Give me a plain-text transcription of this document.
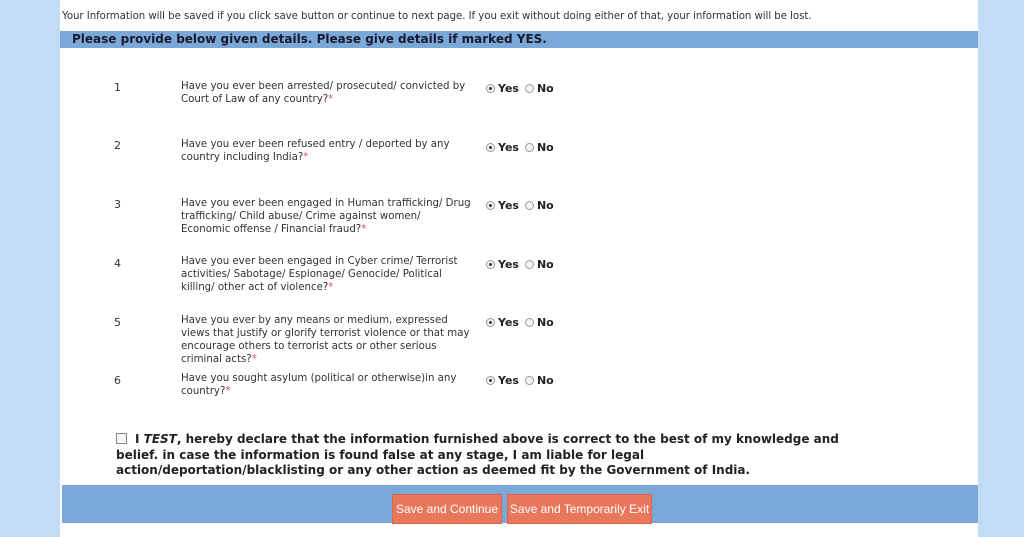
Your Information will be saved if you click save button or continue to next page. If you exit without doing either of that, your information will be lost.
Please provide below given details. Please give details if marked YES.
1	Have you ever been arrested/ prosecuted/ convicted by Court of Law of any country?*
Yes No
2	Have you ever been refused entry / deported by any country including India?*
Yes No
3	Have you ever been engaged in Human trafficking/ Drug trafficking/ Child abuse/ Crime against women/ Economic offense / Financial fraud?*
Yes No
4	Have you ever been engaged in Cyber crime/ Terrorist activities/ Sabotage/ Espionage/ Genocide/ Political killing/ other act of violence?*
Yes No
5	Have you ever by any means or medium, expressed views that justify or glorify terrorist violence or that may encourage others to terrorist acts or other serious criminal acts?*
Yes No
6	Have you sought asylum (political or otherwise)in any country?*
Yes No
I TEST, hereby declare that the information furnished above is correct to the best of my knowledge and belief. in case the information is found false at any stage, I am liable for legal action/deportation/blacklisting or any other action as deemed fit by the Government of India.
Save and Continue Save and Temporarily Exit
